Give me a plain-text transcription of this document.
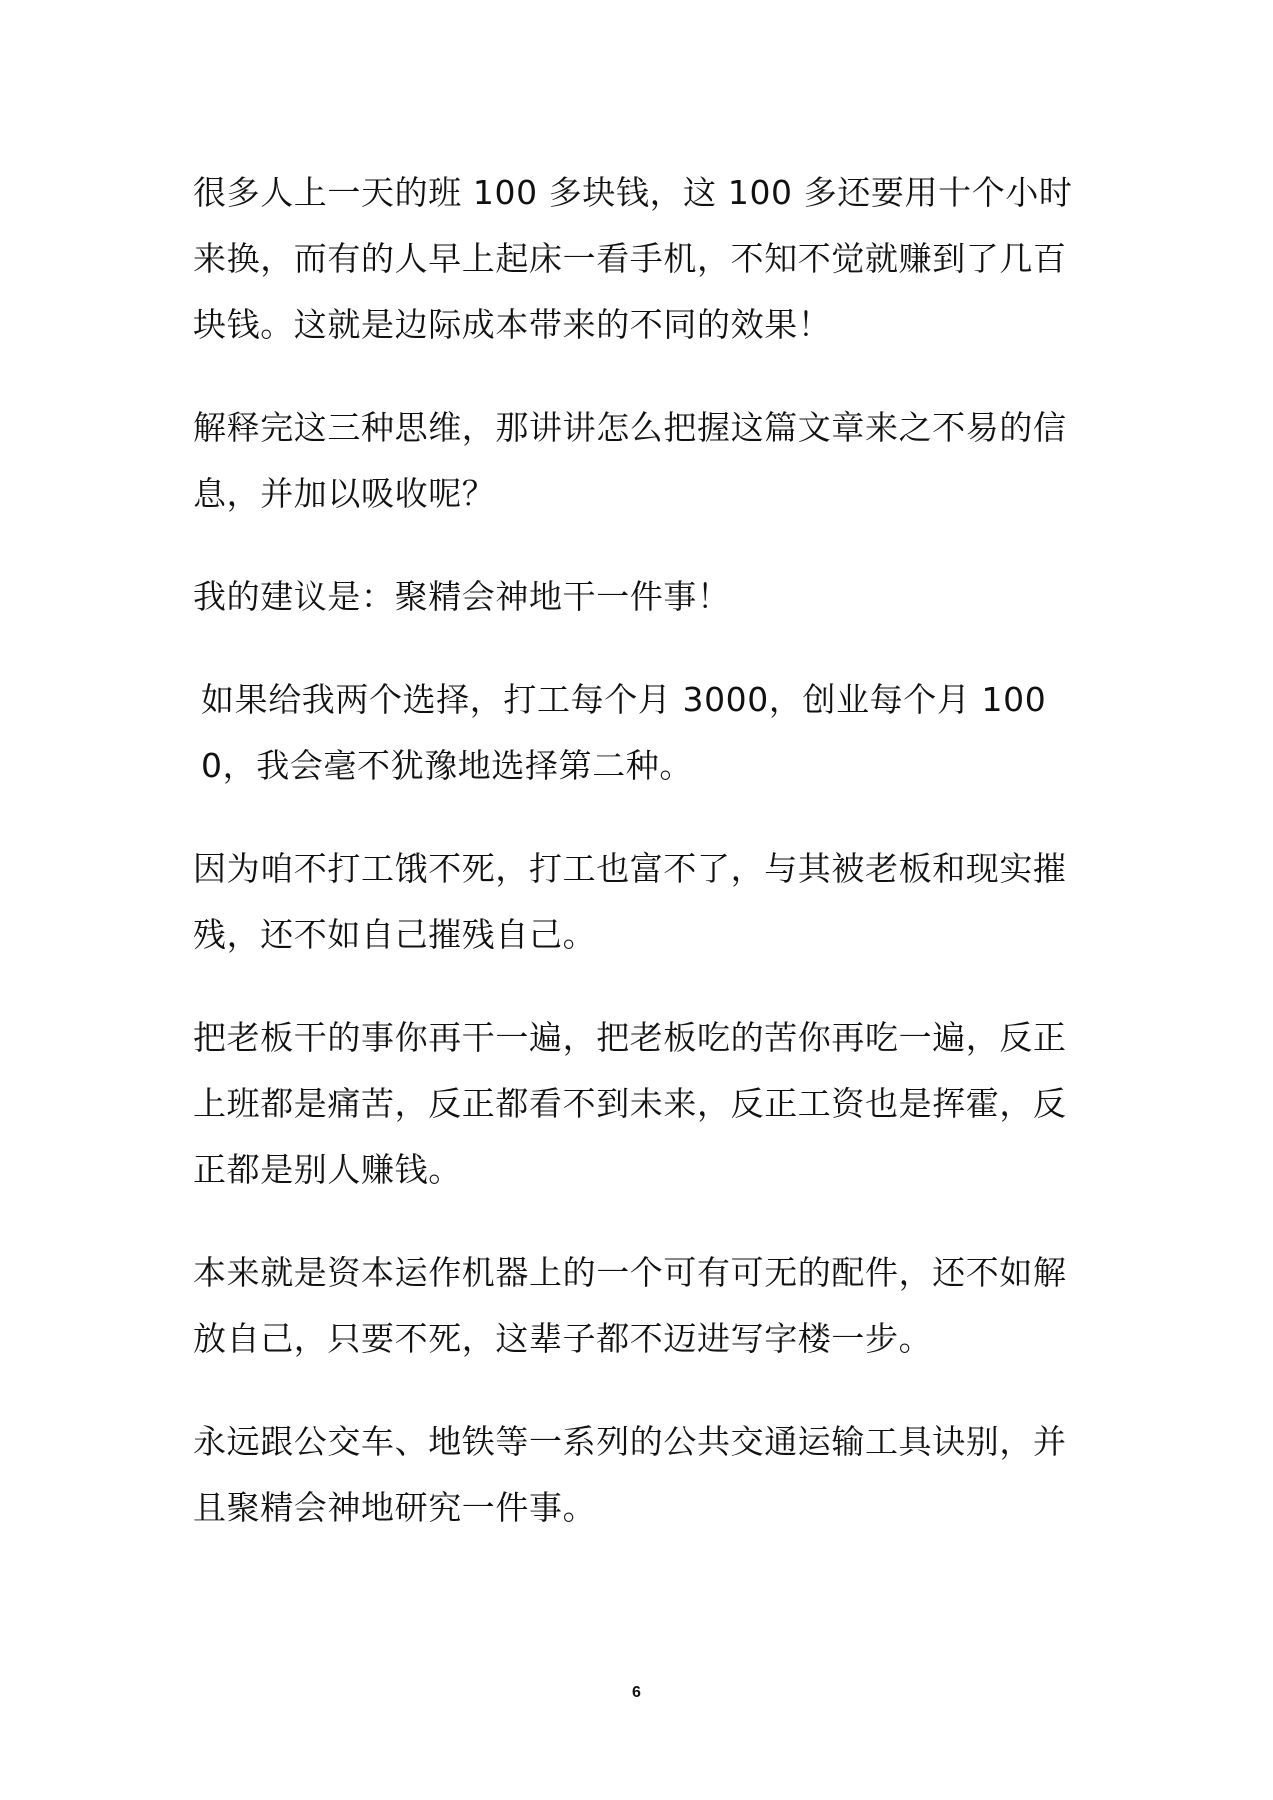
很多人上一天的班 100 多块钱，这 100 多还要用十个小时来换，而有的人早上起床一看手机，不知不觉就赚到了几百块钱。这就是边际成本带来的不同的效果！

解释完这三种思维，那讲讲怎么把握这篇文章来之不易的信息，并加以吸收呢？

我的建议是：聚精会神地干一件事！

如果给我两个选择，打工每个月 3000，创业每个月 1000，我会毫不犹豫地选择第二种。

因为咱不打工饿不死，打工也富不了，与其被老板和现实摧残，还不如自己摧残自己。

把老板干的事你再干一遍，把老板吃的苦你再吃一遍，反正上班都是痛苦，反正都看不到未来，反正工资也是挥霍，反正都是别人赚钱。

本来就是资本运作机器上的一个可有可无的配件，还不如解放自己，只要不死，这辈子都不迈进写字楼一步。

永远跟公交车、地铁等一系列的公共交通运输工具诀别，并且聚精会神地研究一件事。

6
